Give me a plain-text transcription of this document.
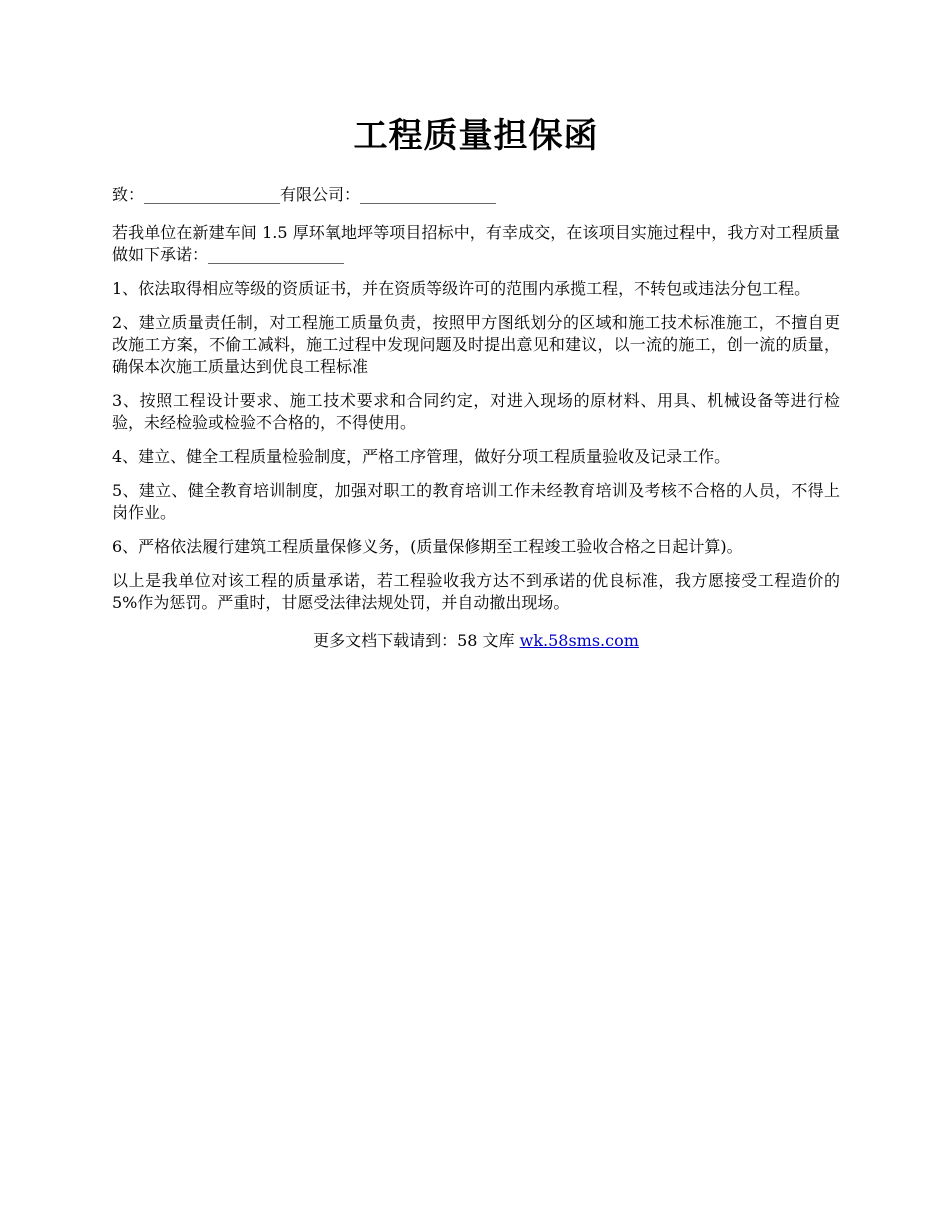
工程质量担保函

致：_________________有限公司：_________________

若我单位在新建车间 1.5 厚环氧地坪等项目招标中，有幸成交，在该项目实施过程中，我方对工程质量做如下承诺：_________________

1、依法取得相应等级的资质证书，并在资质等级许可的范围内承揽工程，不转包或违法分包工程。

2、建立质量责任制，对工程施工质量负责，按照甲方图纸划分的区域和施工技术标准施工，不擅自更改施工方案，不偷工减料，施工过程中发现问题及时提出意见和建议，以一流的施工，创一流的质量，确保本次施工质量达到优良工程标准

3、按照工程设计要求、施工技术要求和合同约定，对进入现场的原材料、用具、机械设备等进行检验，未经检验或检验不合格的，不得使用。

4、建立、健全工程质量检验制度，严格工序管理，做好分项工程质量验收及记录工作。

5、建立、健全教育培训制度，加强对职工的教育培训工作未经教育培训及考核不合格的人员，不得上岗作业。

6、严格依法履行建筑工程质量保修义务，(质量保修期至工程竣工验收合格之日起计算)。

以上是我单位对该工程的质量承诺，若工程验收我方达不到承诺的优良标准，我方愿接受工程造价的 5%作为惩罚。严重时，甘愿受法律法规处罚，并自动撤出现场。

更多文档下载请到：58 文库 wk.58sms.com
